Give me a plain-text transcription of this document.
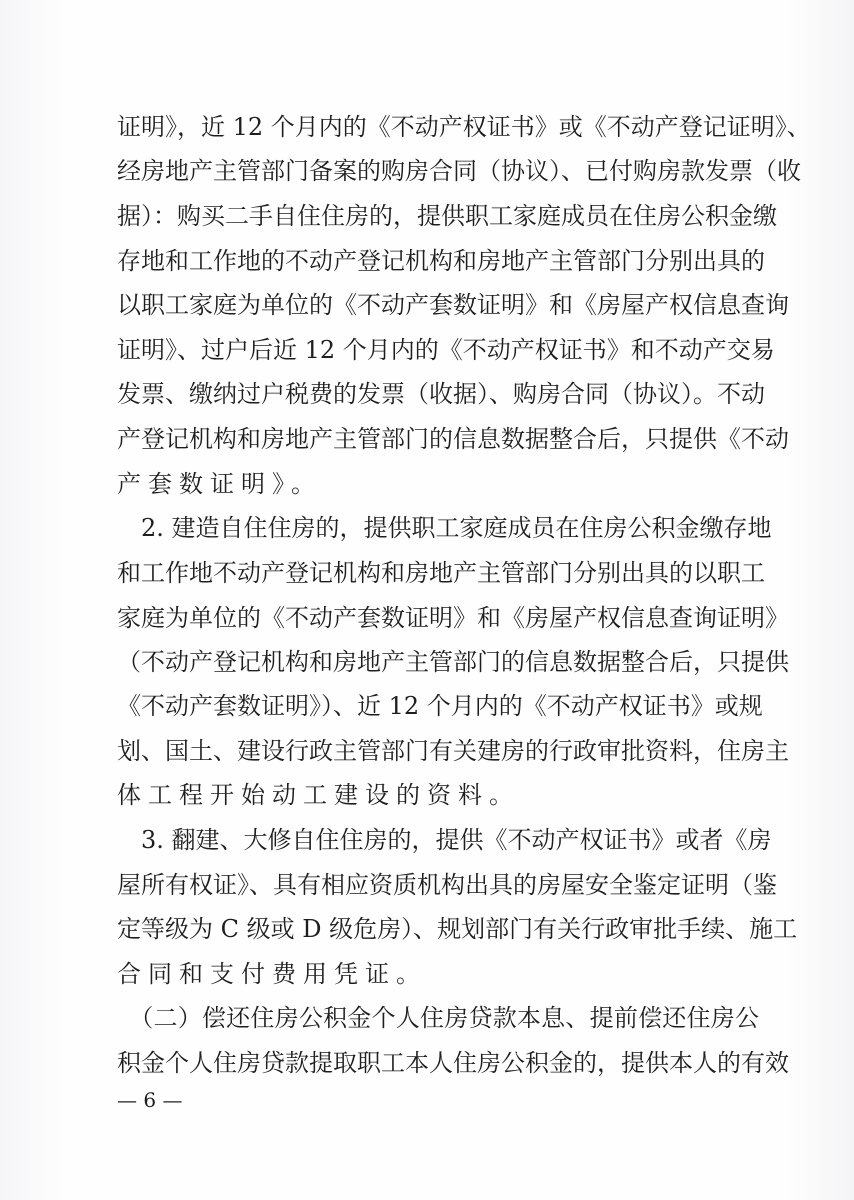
证明》，近 12 个月内的《不动产权证书》或《不动产登记证明》、
经房地产主管部门备案的购房合同（协议）、已付购房款发票（收
据）：购买二手自住住房的，提供职工家庭成员在住房公积金缴
存地和工作地的不动产登记机构和房地产主管部门分别出具的
以职工家庭为单位的《不动产套数证明》和《房屋产权信息查询
证明》、过户后近 12 个月内的《不动产权证书》和不动产交易
发票、缴纳过户税费的发票（收据）、购房合同（协议）。不动
产登记机构和房地产主管部门的信息数据整合后，只提供《不动
产套数证明》。
　2. 建造自住住房的，提供职工家庭成员在住房公积金缴存地
和工作地不动产登记机构和房地产主管部门分别出具的以职工
家庭为单位的《不动产套数证明》和《房屋产权信息查询证明》
（不动产登记机构和房地产主管部门的信息数据整合后，只提供
《不动产套数证明》）、近 12 个月内的《不动产权证书》或规
划、国土、建设行政主管部门有关建房的行政审批资料，住房主
体工程开始动工建设的资料。
　3. 翻建、大修自住住房的，提供《不动产权证书》或者《房
屋所有权证》、具有相应资质机构出具的房屋安全鉴定证明（鉴
定等级为 C 级或 D 级危房）、规划部门有关行政审批手续、施工
合同和支付费用凭证。
　（二）偿还住房公积金个人住房贷款本息、提前偿还住房公
积金个人住房贷款提取职工本人住房公积金的，提供本人的有效
— 6 —
